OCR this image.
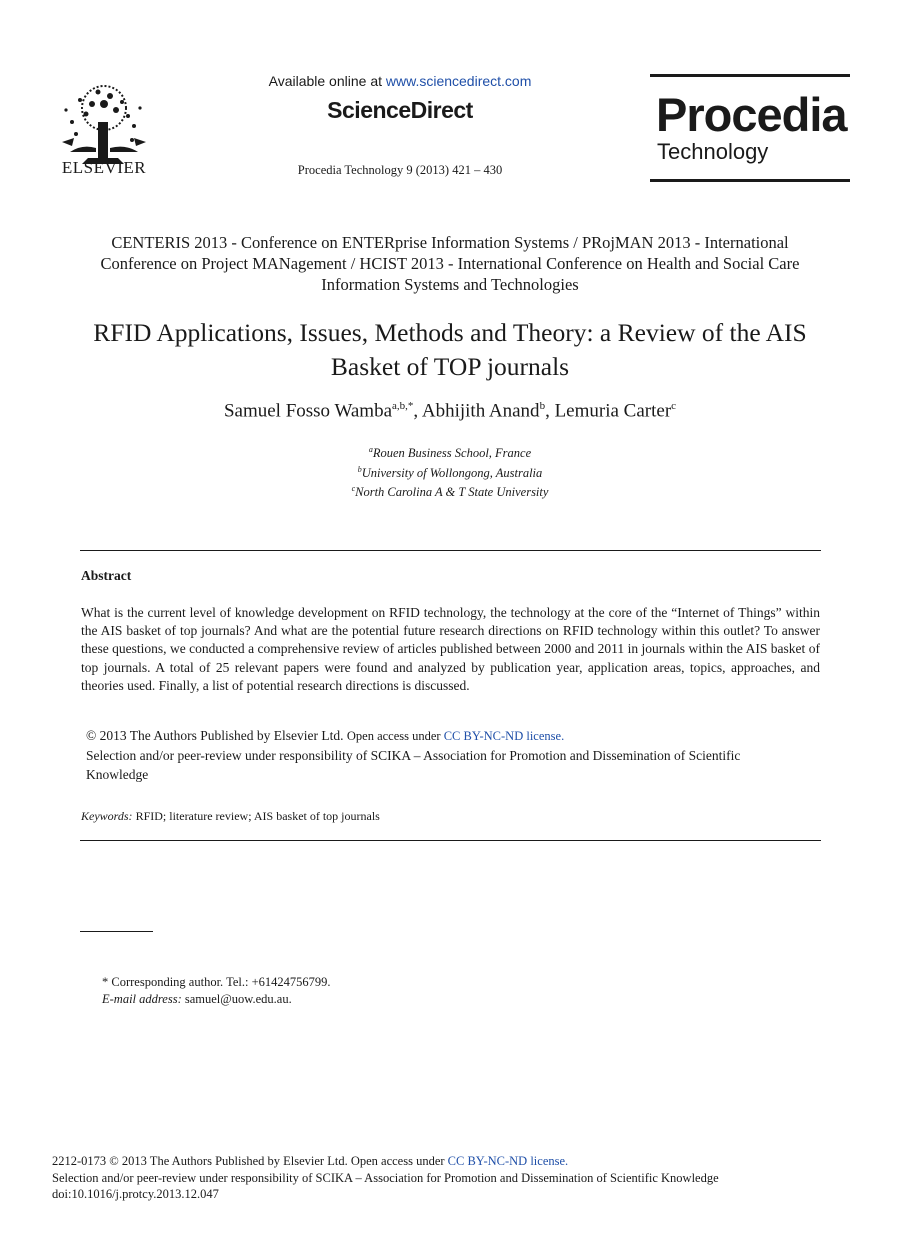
ELSEVIER
Available online at www.sciencedirect.com
ScienceDirect
Procedia Technology 9 (2013) 421 – 430
Procedia
Technology
CENTERIS 2013 - Conference on ENTERprise Information Systems / PRojMAN 2013 - International Conference on Project MANagement / HCIST 2013 - International Conference on Health and Social Care Information Systems and Technologies
RFID Applications, Issues, Methods and Theory: a Review of the AIS Basket of TOP journals
Samuel Fosso Wamba$^{a,b,*}$, Abhijith Anand$^b$, Lemuria Carter$^c$
$^a$Rouen Business School, France
$^b$University of Wollongong, Australia
$^c$North Carolina A & T State University
Abstract
What is the current level of knowledge development on RFID technology, the technology at the core of the “Internet of Things” within the AIS basket of top journals? And what are the potential future research directions on RFID technology within this outlet? To answer these questions, we conducted a comprehensive review of articles published between 2000 and 2011 in journals within the AIS basket of top journals. A total of 25 relevant papers were found and analyzed by publication year, application areas, topics, approaches, and theories used. Finally, a list of potential research directions is discussed.
© 2013 The Authors Published by Elsevier Ltd. Open access under CC BY-NC-ND license.
Selection and/or peer-review under responsibility of SCIKA – Association for Promotion and Dissemination of Scientific Knowledge
Keywords: RFID; literature review; AIS basket of top journals
* Corresponding author. Tel.: +61424756799.
E-mail address: samuel@uow.edu.au.
2212-0173 © 2013 The Authors Published by Elsevier Ltd. Open access under CC BY-NC-ND license.
Selection and/or peer-review under responsibility of SCIKA – Association for Promotion and Dissemination of Scientific Knowledge
doi:10.1016/j.protcy.2013.12.047
